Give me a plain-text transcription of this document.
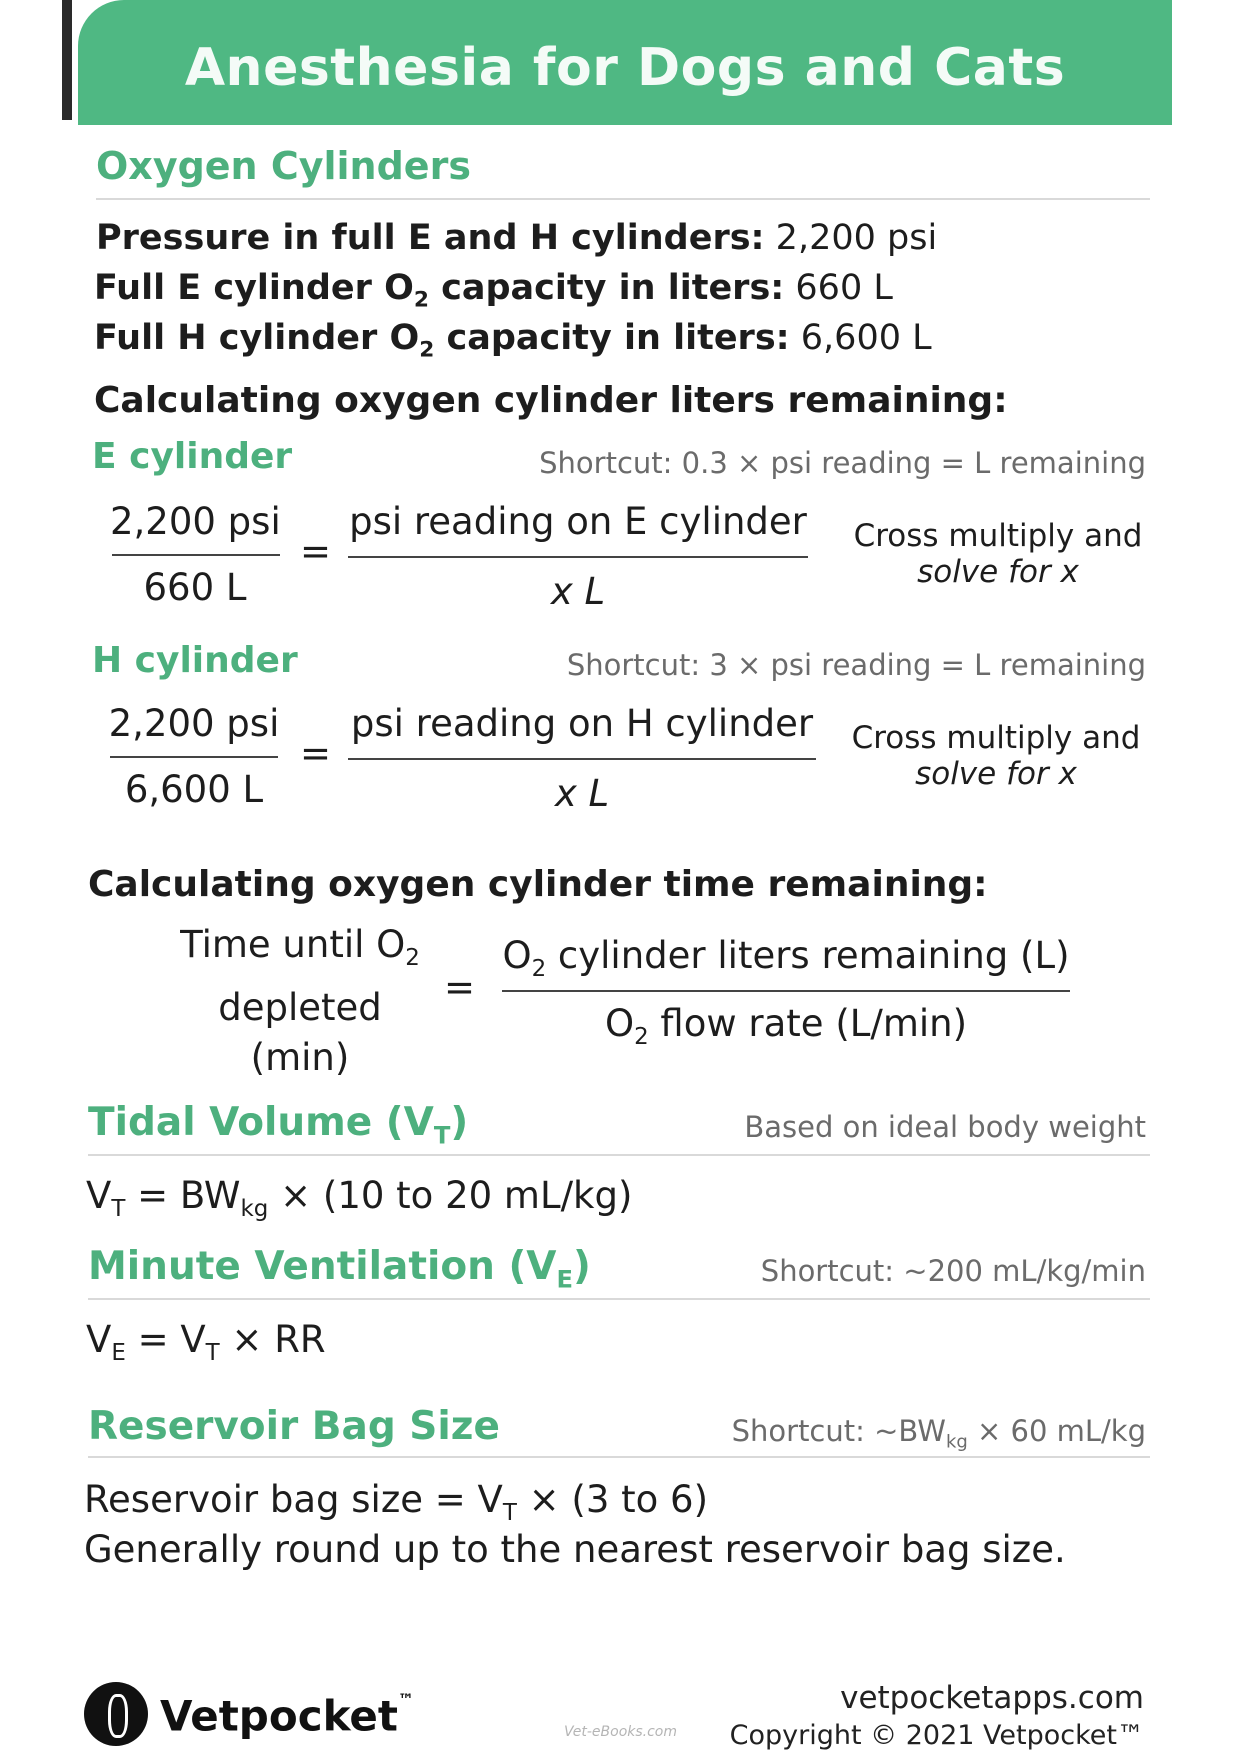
Anesthesia for Dogs and Cats
Oxygen Cylinders
Pressure in full E and H cylinders: 2,200 psi
Full E cylinder $O_2$ capacity in liters: 660 L
Full H cylinder $O_2$ capacity in liters: 6,600 L
Calculating oxygen cylinder liters remaining:
E cylinder	Shortcut: 0.3 × psi reading = L remaining
2,200 psi
660 L
=
psi reading on E cylinder
x L
Cross multiply and
solve for x
H cylinder	Shortcut: 3 × psi reading = L remaining
2,200 psi
6,600 L
=
psi reading on H cylinder
x L
Cross multiply and
solve for x
Calculating oxygen cylinder time remaining:
Time until $O_2$
depleted
(min)
=
$O_2$ cylinder liters remaining (L)
$O_2$ flow rate (L/min)
Tidal Volume $(V_T)$	Based on ideal body weight
$V_T = BW_{kg} \times (10$ to 20 mL/kg)
Minute Ventilation $(V_E)$	Shortcut: ~200 mL/kg/min
$V_E = V_T$ × RR
Reservoir Bag Size	Shortcut: $\sim BW_{kg} \times 60$ mL/kg
Reservoir bag size = $V_T \times (3$ to 6)
Generally round up to the nearest reservoir bag size.
Vetpocket™
Vet-eBooks.com
vetpocketapps.com
Copyright © 2021 Vetpocket™
